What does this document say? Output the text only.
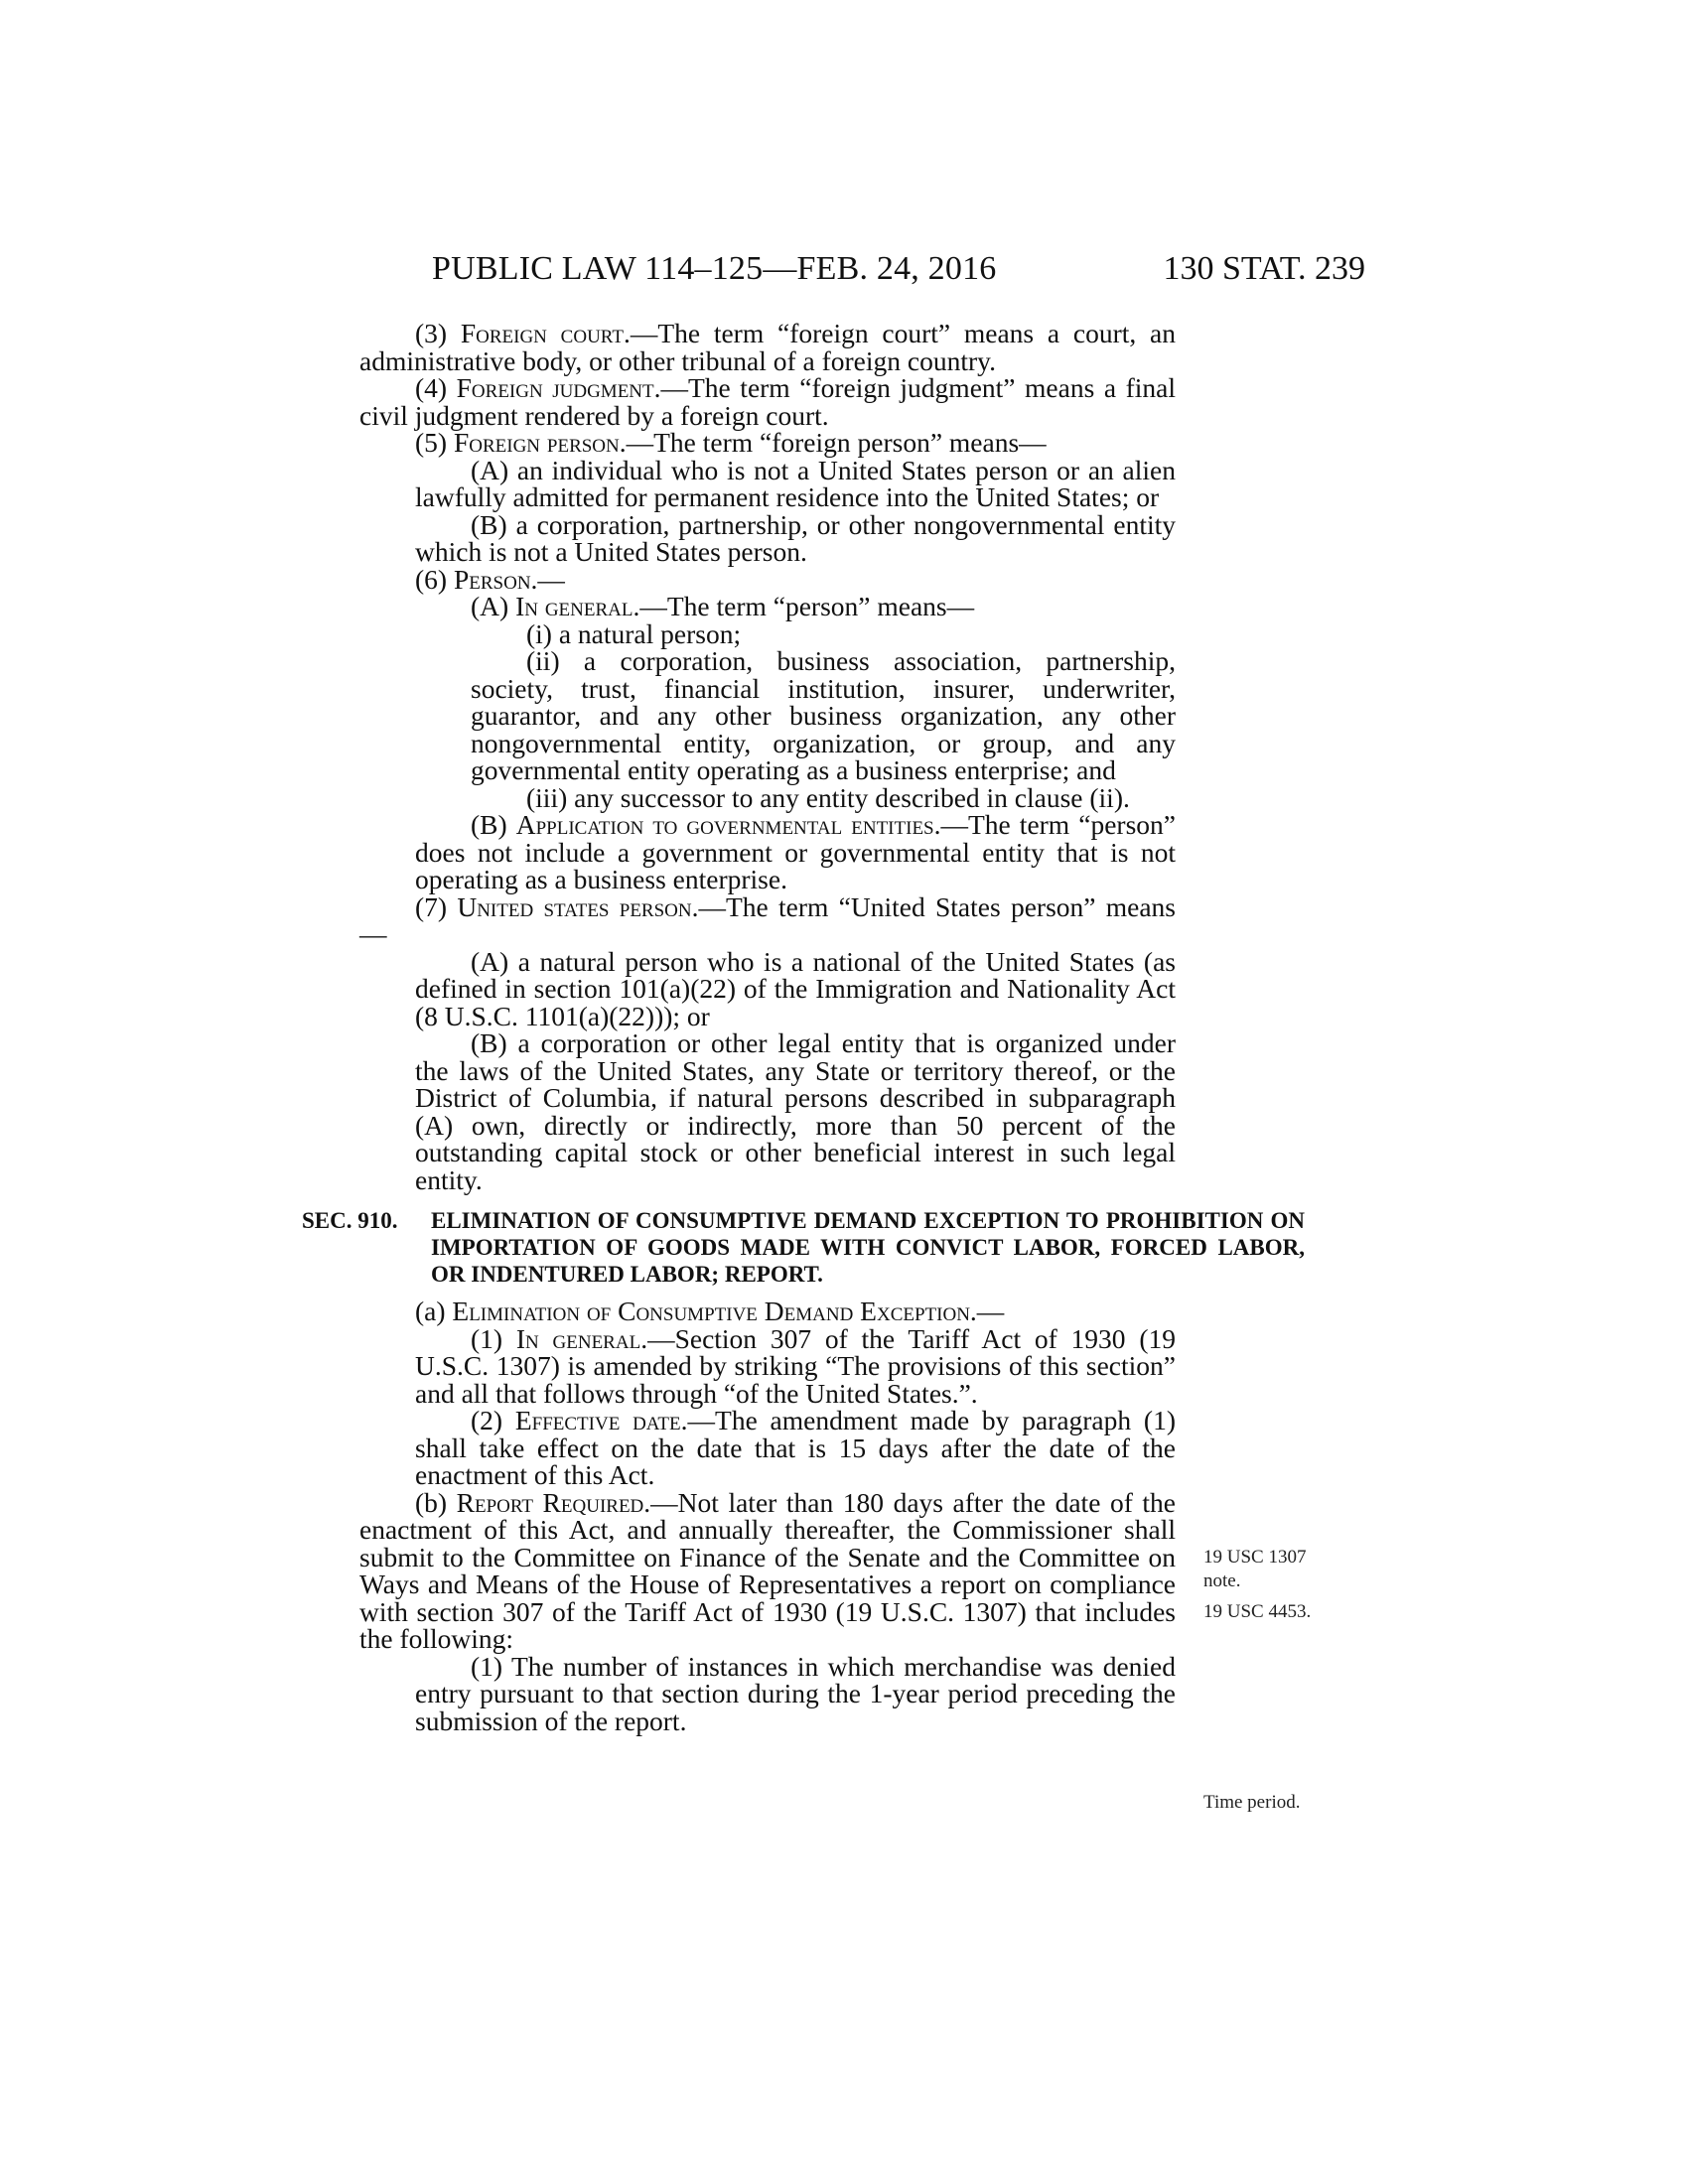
PUBLIC LAW 114–125—FEB. 24, 2016	130 STAT. 239

(3) Foreign court.—The term “foreign court” means a court, an administrative body, or other tribunal of a foreign country.

(4) Foreign judgment.—The term “foreign judgment” means a final civil judgment rendered by a foreign court.

(5) Foreign person.—The term “foreign person” means—

(A) an individual who is not a United States person or an alien lawfully admitted for permanent residence into the United States; or

(B) a corporation, partnership, or other nongovernmental entity which is not a United States person.

(6) Person.—

(A) In general.—The term “person” means—

(i) a natural person;

(ii) a corporation, business association, partnership, society, trust, financial institution, insurer, underwriter, guarantor, and any other business organization, any other nongovernmental entity, organization, or group, and any governmental entity operating as a business enterprise; and

(iii) any successor to any entity described in clause (ii).

(B) Application to governmental entities.—The term “person” does not include a government or governmental entity that is not operating as a business enterprise.

(7) United states person.—The term “United States person” means—

(A) a natural person who is a national of the United States (as defined in section 101(a)(22) of the Immigration and Nationality Act (8 U.S.C. 1101(a)(22))); or

(B) a corporation or other legal entity that is organized under the laws of the United States, any State or territory thereof, or the District of Columbia, if natural persons described in subparagraph (A) own, directly or indirectly, more than 50 percent of the outstanding capital stock or other beneficial interest in such legal entity.

SEC. 910. ELIMINATION OF CONSUMPTIVE DEMAND EXCEPTION TO PROHIBITION ON IMPORTATION OF GOODS MADE WITH CONVICT LABOR, FORCED LABOR, OR INDENTURED LABOR; REPORT.

(a) Elimination of Consumptive Demand Exception.—

(1) In general.—Section 307 of the Tariff Act of 1930 (19 U.S.C. 1307) is amended by striking “The provisions of this section” and all that follows through “of the United States.”.

(2) Effective date.—The amendment made by paragraph (1) shall take effect on the date that is 15 days after the date of the enactment of this Act.

(b) Report Required.—Not later than 180 days after the date of the enactment of this Act, and annually thereafter, the Commissioner shall submit to the Committee on Finance of the Senate and the Committee on Ways and Means of the House of Representatives a report on compliance with section 307 of the Tariff Act of 1930 (19 U.S.C. 1307) that includes the following:

(1) The number of instances in which merchandise was denied entry pursuant to that section during the 1-year period preceding the submission of the report.

19 USC 1307 note.
19 USC 4453.
Time period.
